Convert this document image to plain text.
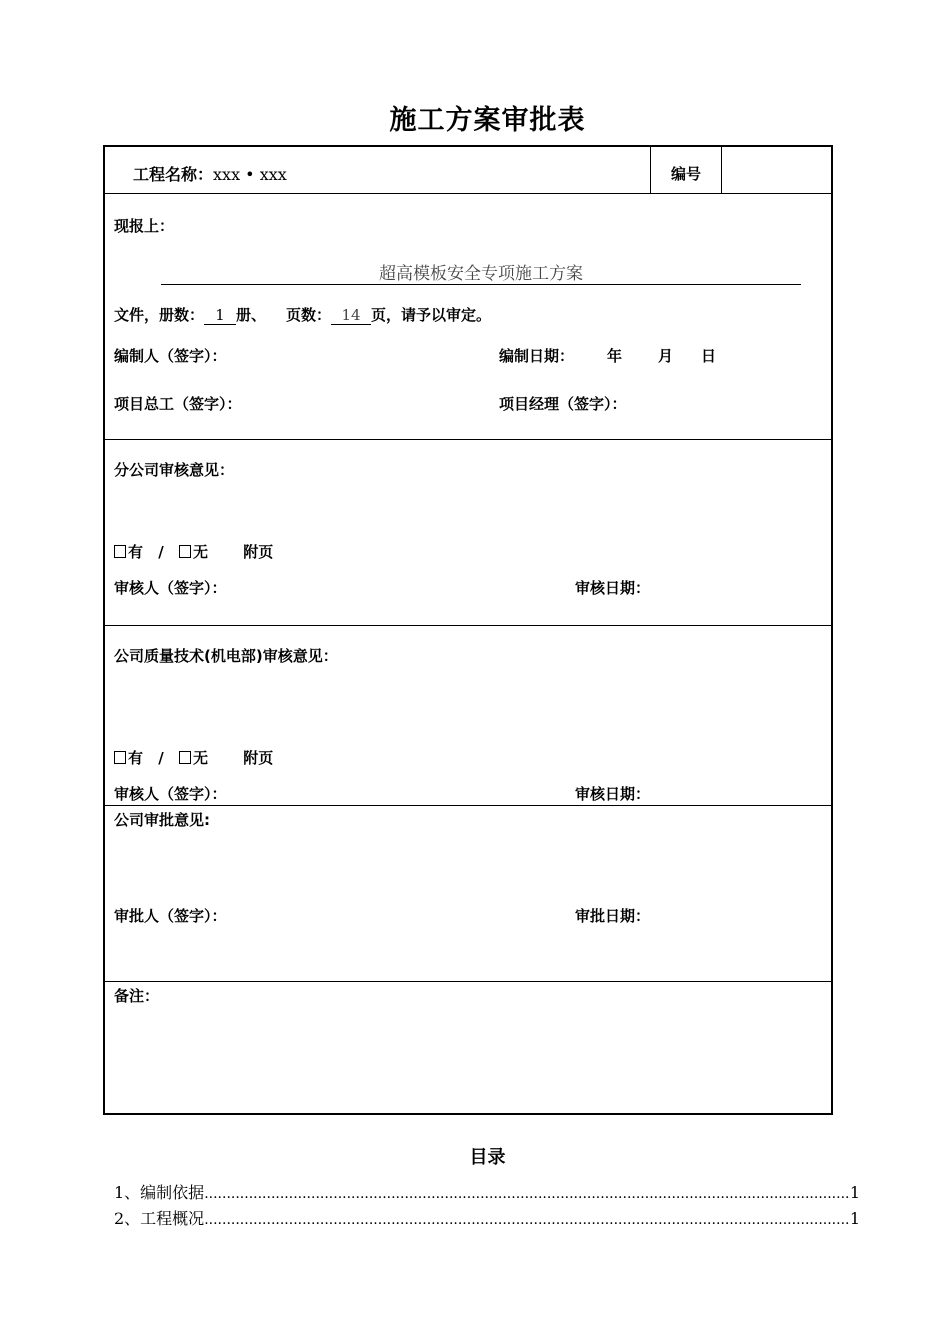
施工方案审批表
工程名称：xxx • xxx	编号
现报上：
超高模板安全专项施工方案
文件，册数： 1 册、 页数： 14 页，请予以审定。
编制人（签字）：	编制日期： 年 月 日
项目总工（签字）：	项目经理（签字）：
分公司审核意见：
有 / 无 附页
审核人（签字）：	审核日期：
公司质量技术(机电部)审核意见：
有 / 无 附页
审核人（签字）：	审核日期：
公司审批意见:
审批人（签字）：	审批日期：
备注：
目录
1、编制依据 .....	1
2、工程概况 .....	1
